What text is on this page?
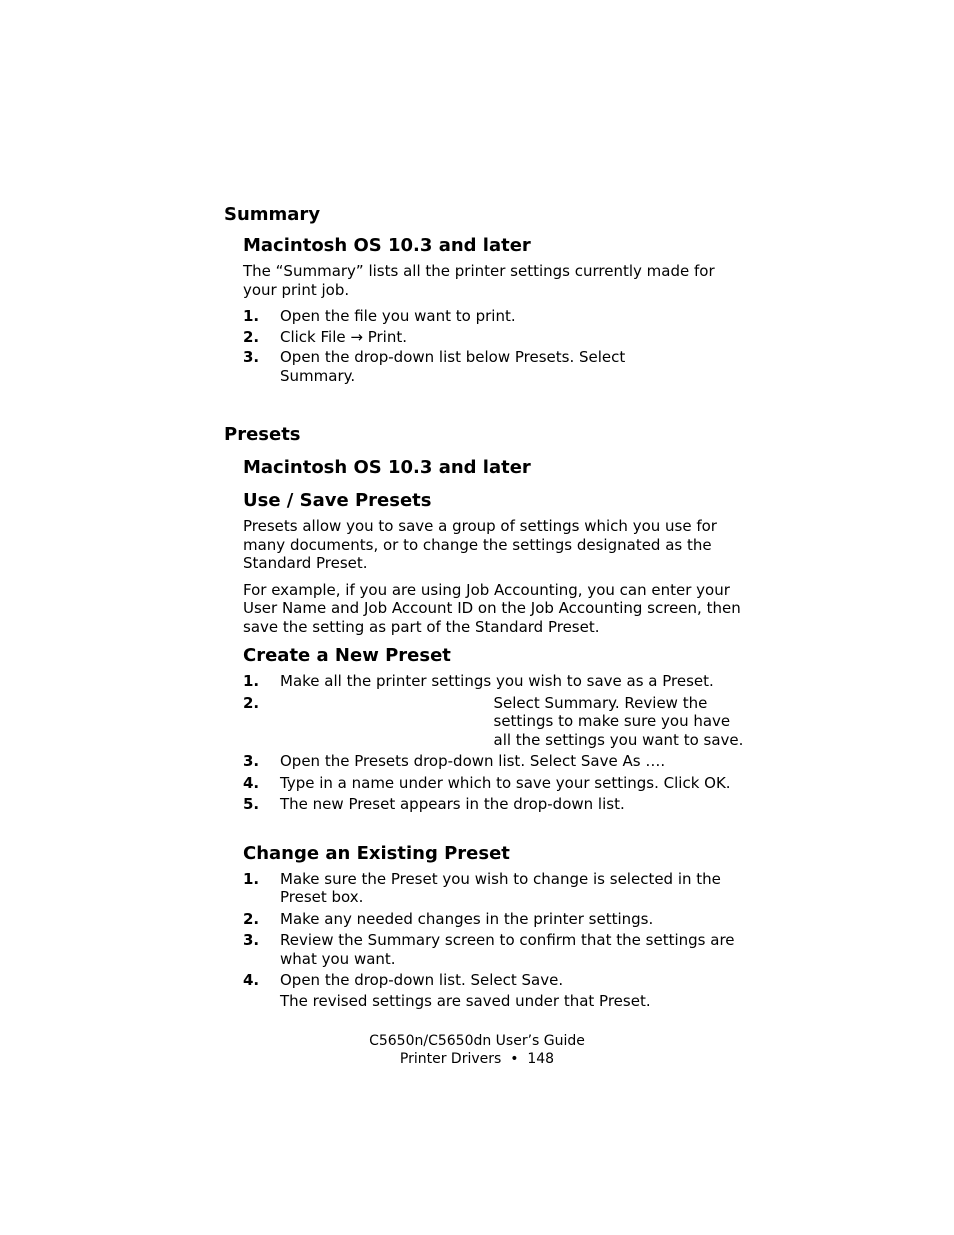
Summary
Macintosh OS 10.3 and later
The “Summary” lists all the printer settings currently made for your print job.
1.	Open the file you want to print.
2.	Click File → Print.
3.	Open the drop-down list below Presets. Select Summary.
Presets
Macintosh OS 10.3 and later
Use / Save Presets
Presets allow you to save a group of settings which you use for many documents, or to change the settings designated as the Standard Preset.
For example, if you are using Job Accounting, you can enter your User Name and Job Account ID on the Job Accounting screen, then save the setting as part of the Standard Preset.
Create a New Preset
1.	Make all the printer settings you wish to save as a Preset.
2.	Select Summary. Review the settings to make sure you have all the settings you want to save.
3.	Open the Presets drop-down list. Select Save As ….
4.	Type in a name under which to save your settings. Click OK.
5.	The new Preset appears in the drop-down list.
Change an Existing Preset
1.	Make sure the Preset you wish to change is selected in the Preset box.
2.	Make any needed changes in the printer settings.
3.	Review the Summary screen to confirm that the settings are what you want.
4.	Open the drop-down list. Select Save.
The revised settings are saved under that Preset.
C5650n/C5650dn User’s Guide
Printer Drivers  •  148
